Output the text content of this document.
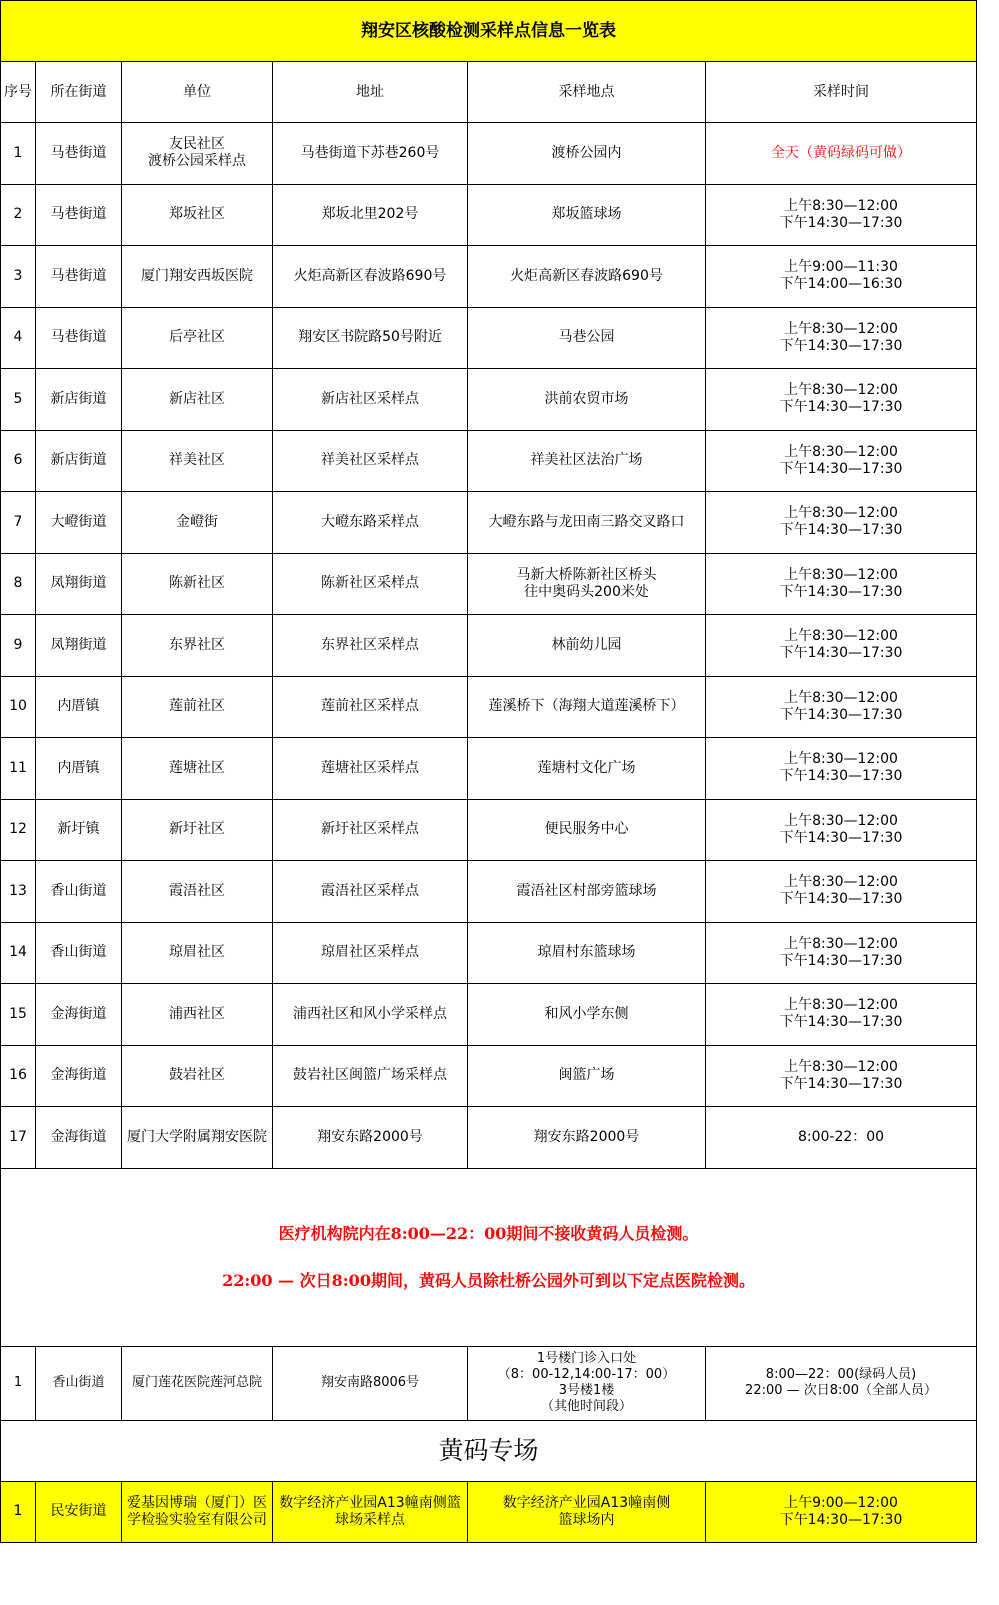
翔安区核酸检测采样点信息一览表					
序号	所在街道	单位	地址	采样地点	采样时间
1	马巷街道	友民社区
渡桥公园采样点	马巷街道下苏巷260号	渡桥公园内	全天（黄码绿码可做）
2	马巷街道	郑坂社区	郑坂北里202号	郑坂篮球场	上午8:30—12:00
下午14:30—17:30
3	马巷街道	厦门翔安西坂医院	火炬高新区春波路690号	火炬高新区春波路690号	上午9:00—11:30
下午14:00—16:30
4	马巷街道	后亭社区	翔安区书院路50号附近	马巷公园	上午8:30—12:00
下午14:30—17:30
5	新店街道	新店社区	新店社区采样点	洪前农贸市场	上午8:30—12:00
下午14:30—17:30
6	新店街道	祥美社区	祥美社区采样点	祥美社区法治广场	上午8:30—12:00
下午14:30—17:30
7	大嶝街道	金嶝街	大嶝东路采样点	大嶝东路与龙田南三路交叉路口	上午8:30—12:00
下午14:30—17:30
8	凤翔街道	陈新社区	陈新社区采样点	马新大桥陈新社区桥头
往中奥码头200米处	上午8:30—12:00
下午14:30—17:30
9	凤翔街道	东界社区	东界社区采样点	林前幼儿园	上午8:30—12:00
下午14:30—17:30
10	内厝镇	莲前社区	莲前社区采样点	莲溪桥下（海翔大道莲溪桥下）	上午8:30—12:00
下午14:30—17:30
11	内厝镇	莲塘社区	莲塘社区采样点	莲塘村文化广场	上午8:30—12:00
下午14:30—17:30
12	新圩镇	新圩社区	新圩社区采样点	便民服务中心	上午8:30—12:00
下午14:30—17:30
13	香山街道	霞浯社区	霞浯社区采样点	霞浯社区村部旁篮球场	上午8:30—12:00
下午14:30—17:30
14	香山街道	琼眉社区	琼眉社区采样点	琼眉村东篮球场	上午8:30—12:00
下午14:30—17:30
15	金海街道	浦西社区	浦西社区和风小学采样点	和风小学东侧	上午8:30—12:00
下午14:30—17:30
16	金海街道	鼓岩社区	鼓岩社区闽篮广场采样点	闽篮广场	上午8:30—12:00
下午14:30—17:30
17	金海街道	厦门大学附属翔安医院	翔安东路2000号	翔安东路2000号	8:00-22：00

医疗机构院内在8:00—22：00期间不接收黄码人员检测。

22:00 — 次日8:00期间，黄码人员除杜桥公园外可到以下定点医院检测。					

1	香山街道	厦门莲花医院莲河总院	翔安南路8006号	1号楼门诊入口处
（8：00-12,14:00-17：00）
3号楼1楼
（其他时间段）	8:00—22：00(绿码人员)
22:00 — 次日8:00（全部人员）
黄码专场					
1	民安街道	爱基因博瑞（厦门）医学检验实验室有限公司	数字经济产业园A13幢南侧篮球场采样点	数字经济产业园A13幢南侧
篮球场内	上午9:00—12:00
下午14:30—17:30
